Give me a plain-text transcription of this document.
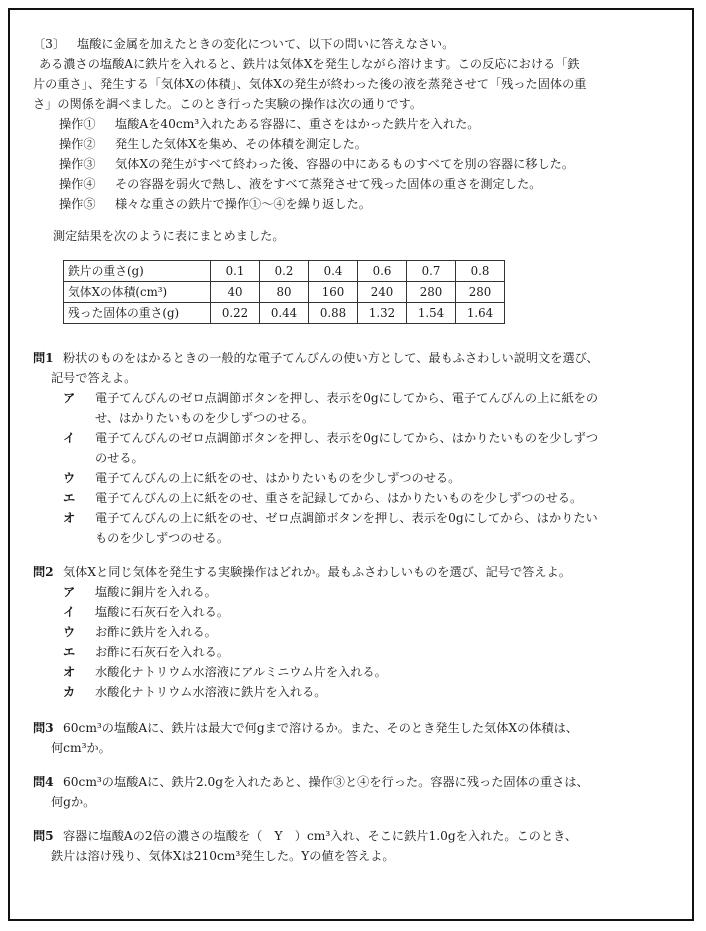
〔3〕 塩酸に金属を加えたときの変化について、以下の問いに答えなさい。

ある濃さの塩酸Aに鉄片を入れると、鉄片は気体Xを発生しながら溶けます。この反応における「鉄

片の重さ」、発生する「気体Xの体積」、気体Xの発生が終わった後の液を蒸発させて「残った固体の重

さ」の関係を調べました。このとき行った実験の操作は次の通りです。

操作① 塩酸Aを40cm³入れたある容器に、重さをはかった鉄片を入れた。

操作② 発生した気体Xを集め、その体積を測定した。

操作③ 気体Xの発生がすべて終わった後、容器の中にあるものすべてを別の容器に移した。

操作④ その容器を弱火で熱し、液をすべて蒸発させて残った固体の重さを測定した。

操作⑤ 様々な重さの鉄片で操作①～④を繰り返した。

測定結果を次のように表にまとめました。

鉄片の重さ(g)	0.1	0.2	0.4	0.6	0.7	0.8
気体Xの体積(cm³)	40	80	160	240	280	280
残った固体の重さ(g)	0.22	0.44	0.88	1.32	1.54	1.64
問1 粉状のものをはかるときの一般的な電子てんびんの使い方として、最もふさわしい説明文を選び、
記号で答えよ。
ア 電子てんびんのゼロ点調節ボタンを押し、表示を0gにしてから、電子てんびんの上に紙をの
せ、はかりたいものを少しずつのせる。
イ 電子てんびんのゼロ点調節ボタンを押し、表示を0gにしてから、はかりたいものを少しずつ
のせる。
ウ 電子てんびんの上に紙をのせ、はかりたいものを少しずつのせる。
エ 電子てんびんの上に紙をのせ、重さを記録してから、はかりたいものを少しずつのせる。
オ 電子てんびんの上に紙をのせ、ゼロ点調節ボタンを押し、表示を0gにしてから、はかりたい
ものを少しずつのせる。
問2 気体Xと同じ気体を発生する実験操作はどれか。最もふさわしいものを選び、記号で答えよ。
ア 塩酸に銅片を入れる。
イ 塩酸に石灰石を入れる。
ウ お酢に鉄片を入れる。
エ お酢に石灰石を入れる。
オ 水酸化ナトリウム水溶液にアルミニウム片を入れる。
カ 水酸化ナトリウム水溶液に鉄片を入れる。
問3 60cm³の塩酸Aに、鉄片は最大で何gまで溶けるか。また、そのとき発生した気体Xの体積は、
何cm³か。
問4 60cm³の塩酸Aに、鉄片2.0gを入れたあと、操作③と④を行った。容器に残った固体の重さは、
何gか。
問5 容器に塩酸Aの2倍の濃さの塩酸を（　Y　）cm³入れ、そこに鉄片1.0gを入れた。このとき、
鉄片は溶け残り、気体Xは210cm³発生した。Yの値を答えよ。
